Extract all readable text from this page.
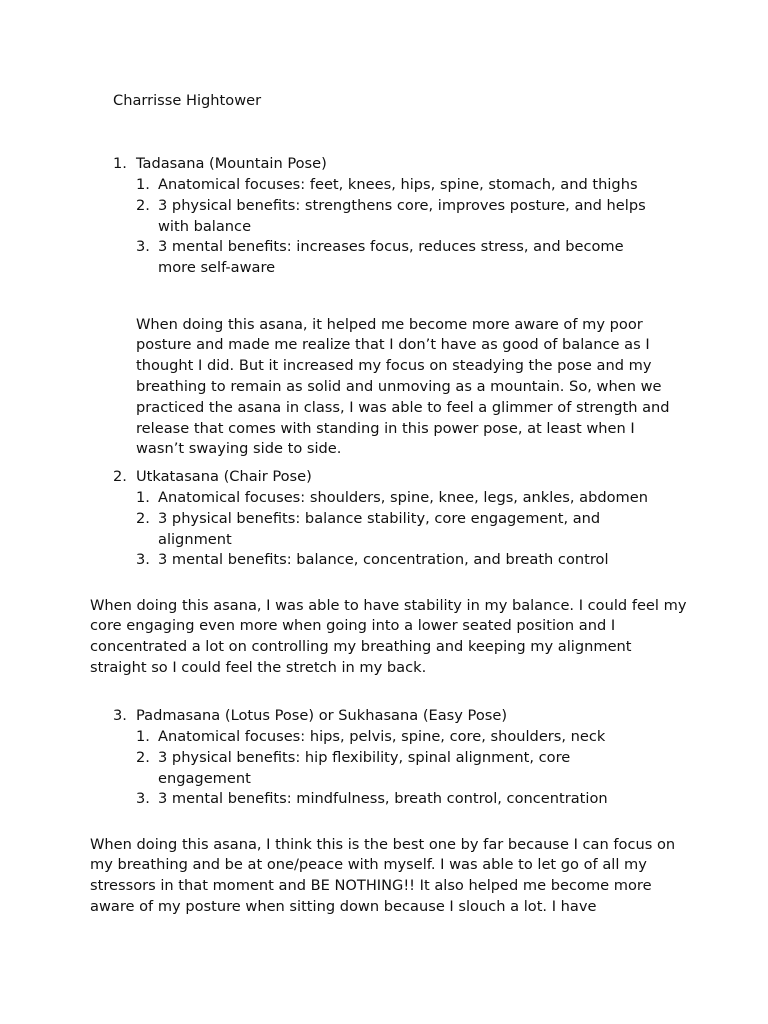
Charrisse Hightower
1. Tadasana (Mountain Pose)
1. Anatomical focuses: feet, knees, hips, spine, stomach, and thighs
2. 3 physical benefits: strengthens core, improves posture, and helps with balance
3. 3 mental benefits: increases focus, reduces stress, and become more self-aware

When doing this asana, it helped me become more aware of my poor posture and made me realize that I don’t have as good of balance as I thought I did. But it increased my focus on steadying the pose and my breathing to remain as solid and unmoving as a mountain. So, when we practiced the asana in class, I was able to feel a glimmer of strength and release that comes with standing in this power pose, at least when I wasn’t swaying side to side.

2. Utkatasana (Chair Pose)
1. Anatomical focuses: shoulders, spine, knee, legs, ankles, abdomen
2. 3 physical benefits: balance stability, core engagement, and alignment
3. 3 mental benefits: balance, concentration, and breath control

When doing this asana, I was able to have stability in my balance. I could feel my core engaging even more when going into a lower seated position and I concentrated a lot on controlling my breathing and keeping my alignment straight so I could feel the stretch in my back.

3. Padmasana (Lotus Pose) or Sukhasana (Easy Pose)
1. Anatomical focuses: hips, pelvis, spine, core, shoulders, neck
2. 3 physical benefits: hip flexibility, spinal alignment, core engagement
3. 3 mental benefits: mindfulness, breath control, concentration

When doing this asana, I think this is the best one by far because I can focus on my breathing and be at one/peace with myself. I was able to let go of all my stressors in that moment and BE NOTHING!! It also helped me become more aware of my posture when sitting down because I slouch a lot. I have
